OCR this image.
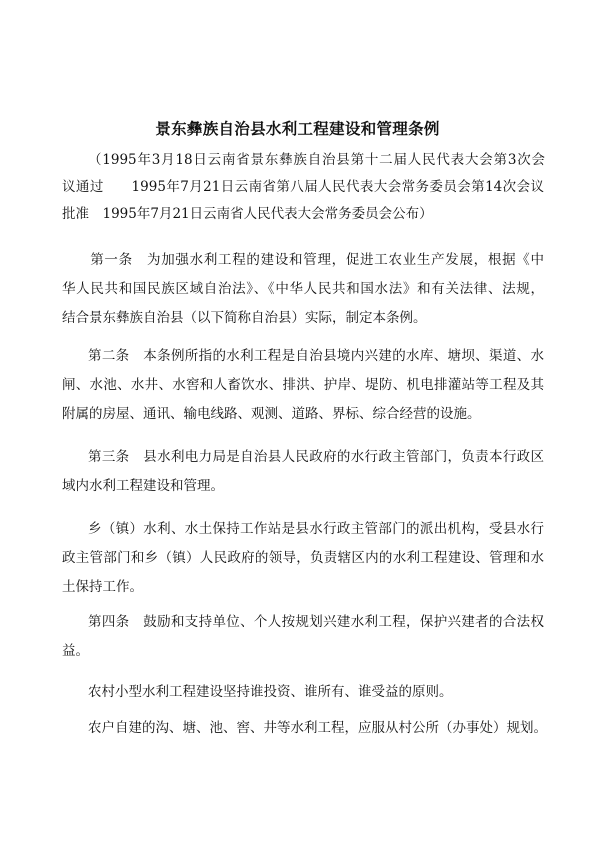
景东彝族自治县水利工程建设和管理条例
（1995年3月18日云南省景东彝族自治县第十二届人民代表大会第3次会
议通过　　1995年7月21日云南省第八届人民代表大会常务委员会第14次会议
批准　1995年7月21日云南省人民代表大会常务委员会公布）
　第一条　为加强水利工程的建设和管理，促进工农业生产发展，根据《中
华人民共和国民族区域自治法》、《中华人民共和国水法》和有关法律、法规，
结合景东彝族自治县（以下简称自治县）实际，制定本条例。
第二条　本条例所指的水利工程是自治县境内兴建的水库、塘坝、渠道、水
闸、水池、水井、水窖和人畜饮水、排洪、护岸、堤防、机电排灌站等工程及其
附属的房屋、通讯、输电线路、观测、道路、界标、综合经营的设施。
第三条　县水利电力局是自治县人民政府的水行政主管部门，负责本行政区
域内水利工程建设和管理。
乡（镇）水利、水土保持工作站是县水行政主管部门的派出机构，受县水行
政主管部门和乡（镇）人民政府的领导，负责辖区内的水利工程建设、管理和水
土保持工作。
第四条　鼓励和支持单位、个人按规划兴建水利工程，保护兴建者的合法权
益。
农村小型水利工程建设坚持谁投资、谁所有、谁受益的原则。
农户自建的沟、塘、池、窖、井等水利工程，应服从村公所（办事处）规划。
